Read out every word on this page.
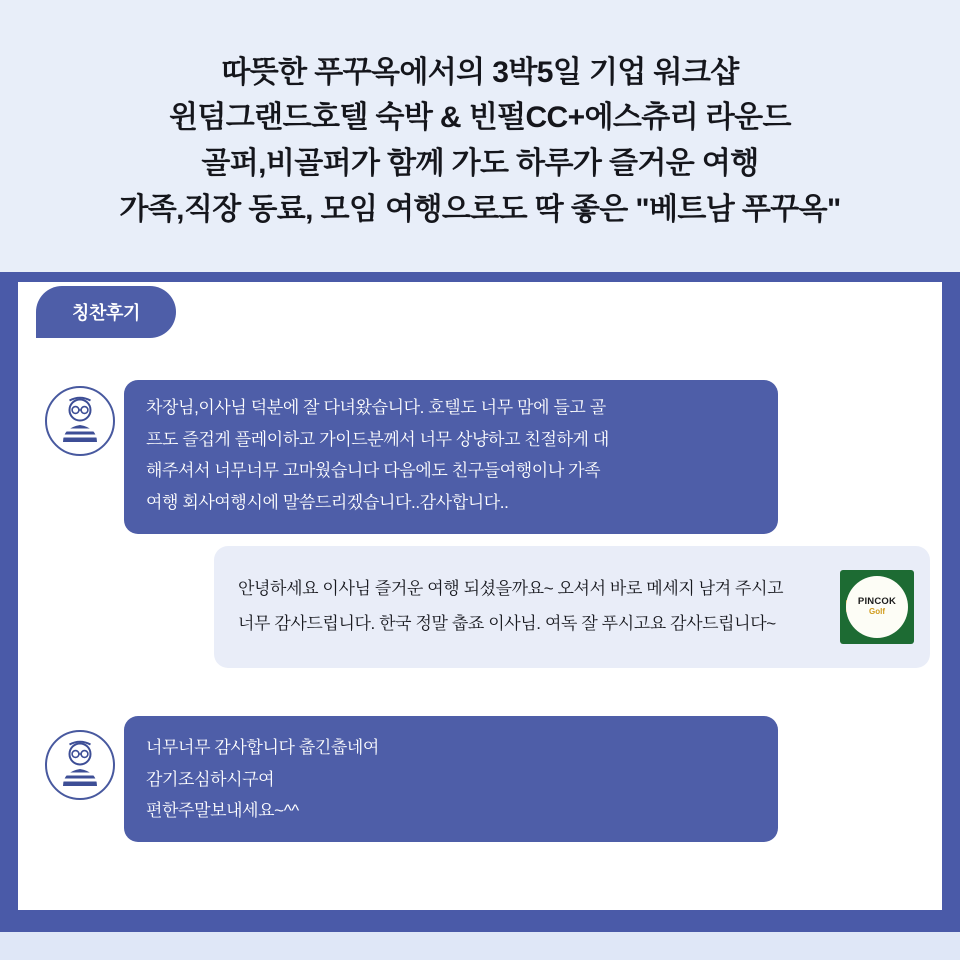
따뜻한 푸꾸옥에서의 3박5일 기업 워크샵
윈덤그랜드호텔 숙박 & 빈펄CC+에스츄리 라운드
골퍼,비골퍼가 함께 가도 하루가 즐거운 여행
가족,직장 동료, 모임 여행으로도 딱 좋은 "베트남 푸꾸옥"
칭찬후기
고객님

차장님,이사님 덕분에 잘 다녀왔습니다. 호텔도 너무 맘에 들고 골

프도 즐겁게 플레이하고 가이드분께서 너무 상냥하고 친절하게 대

해주셔서 너무너무 고마웠습니다 다음에도 친구들여행이나 가족

여행 회사여행시에 말씀드리겠습니다..감사합니다..

안녕하세요 이사님 즐거운 여행 되셨을까요~ 오셔서 바로 메세지 남겨 주시고

너무 감사드립니다. 한국 정말 춥죠 이사님. 여독 잘 푸시고요 감사드립니다~

PINCOK
Golf
고객님

너무너무 감사합니다 춥긴춥네여

감기조심하시구여

편한주말보내세요~^^
